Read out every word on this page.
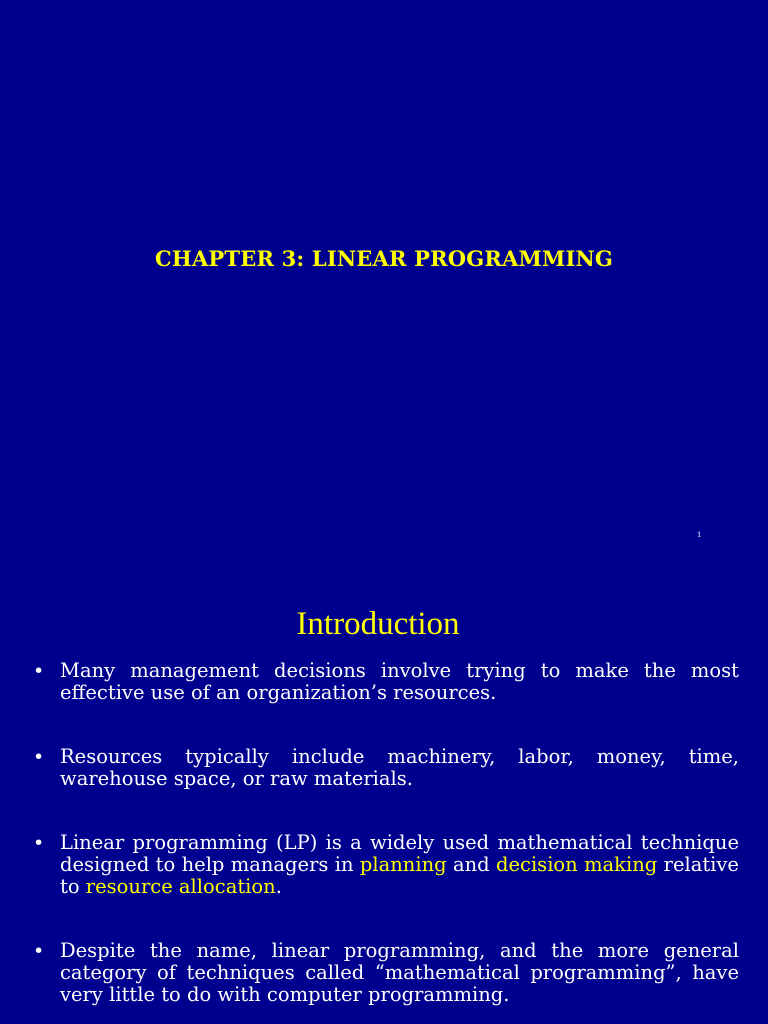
CHAPTER 3: LINEAR PROGRAMMING
1
Introduction
• Many management decisions involve trying to make the most effective use of an organization’s resources.
• Resources typically include machinery, labor, money, time, warehouse space, or raw materials.
• Linear programming (LP) is a widely used mathematical technique designed to help managers in planning and decision making relative to resource allocation.
• Despite the name, linear programming, and the more general category of techniques called “mathematical programming”, have very little to do with computer programming.
